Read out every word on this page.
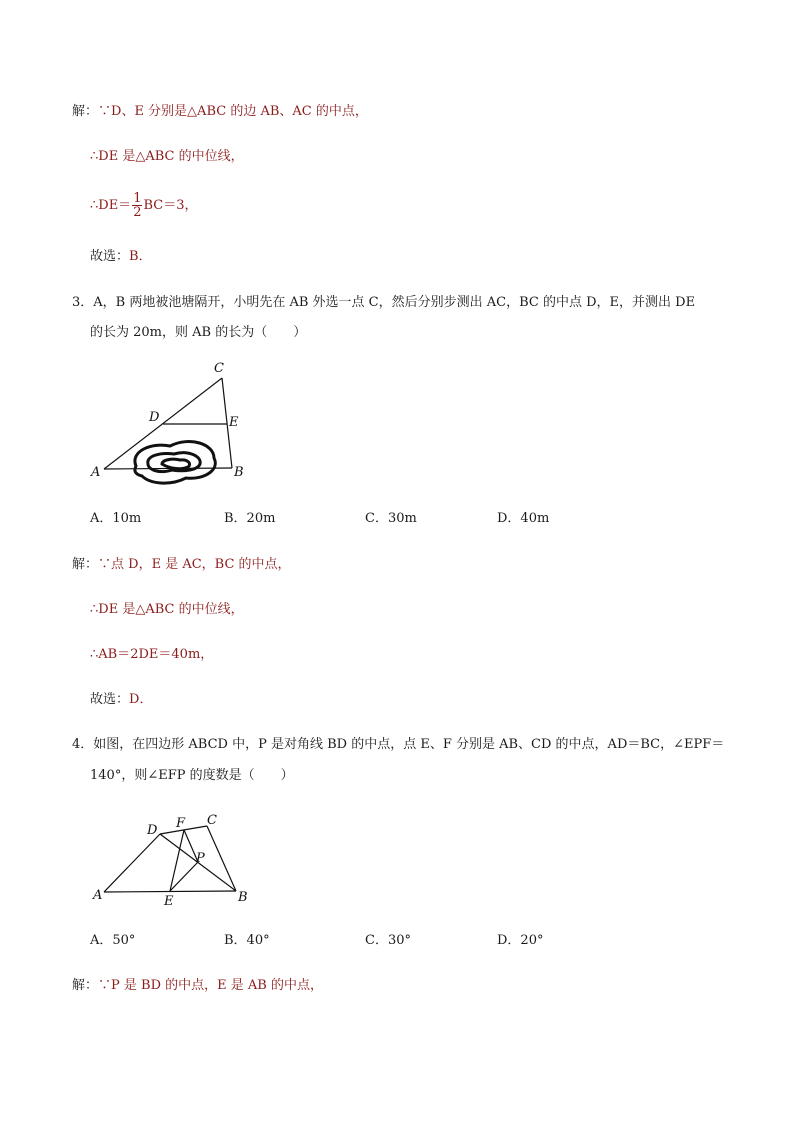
解：∵D、E 分别是△ABC 的边 AB、AC 的中点，
∴DE 是△ABC 的中位线，
∴DE＝ $\frac{1}{2} BC=3$，
故选：B．
3．A，B 两地被池塘隔开，小明先在 AB 外选一点 C，然后分别步测出 AC，BC 的中点 D，E，并测出 DE
的长为 20m，则 AB 的长为（　　）
C
D	E
A	B
A．10m	B．20m	C．30m	D．40m
解：∵点 D，E 是 AC，BC 的中点，
∴DE 是△ABC 的中位线，
∴AB＝2DE＝40m，
故选：D．
4．如图，在四边形 ABCD 中，P 是对角线 BD 的中点，点 E、F 分别是 AB、CD 的中点，AD＝BC，∠EPF＝
140°，则∠EFP 的度数是（　　）
D F C
P
A	E	B
A．50°	B．40°	C．30°	D．20°
解：∵P 是 BD 的中点，E 是 AB 的中点，
